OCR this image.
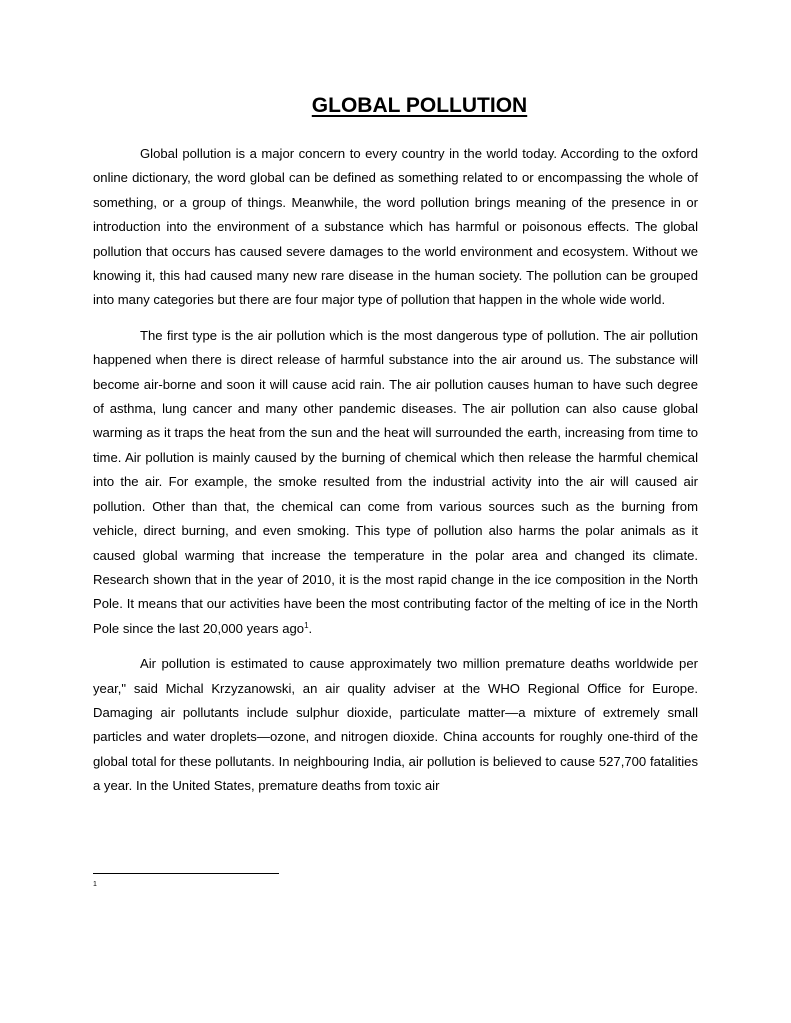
GLOBAL POLLUTION

Global pollution is a major concern to every country in the world today. According to the oxford online dictionary, the word global can be defined as something related to or encompassing the whole of something, or a group of things. Meanwhile, the word pollution brings meaning of the presence in or introduction into the environment of a substance which has harmful or poisonous effects. The global pollution that occurs has caused severe damages to the world environment and ecosystem. Without we knowing it, this had caused many new rare disease in the human society. The pollution can be grouped into many categories but there are four major type of pollution that happen in the whole wide world.

The first type is the air pollution which is the most dangerous type of pollution. The air pollution happened when there is direct release of harmful substance into the air around us. The substance will become air-borne and soon it will cause acid rain. The air pollution causes human to have such degree of asthma, lung cancer and many other pandemic diseases. The air pollution can also cause global warming as it traps the heat from the sun and the heat will surrounded the earth, increasing from time to time. Air pollution is mainly caused by the burning of chemical which then release the harmful chemical into the air. For example, the smoke resulted from the industrial activity into the air will caused air pollution. Other than that, the chemical can come from various sources such as the burning from vehicle, direct burning, and even smoking. This type of pollution also harms the polar animals as it caused global warming that increase the temperature in the polar area and changed its climate. Research shown that in the year of 2010, it is the most rapid change in the ice composition in the North Pole. It means that our activities have been the most contributing factor of the melting of ice in the North Pole since the last 20,000 years ago$^1$.

Air pollution is estimated to cause approximately two million premature deaths worldwide per year," said Michal Krzyzanowski, an air quality adviser at the WHO Regional Office for Europe. Damaging air pollutants include sulphur dioxide, particulate matter—a mixture of extremely small particles and water droplets—ozone, and nitrogen dioxide. China accounts for roughly one-third of the global total for these pollutants. In neighbouring India, air pollution is believed to cause 527,700 fatalities a year. In the United States, premature deaths from toxic air

1
